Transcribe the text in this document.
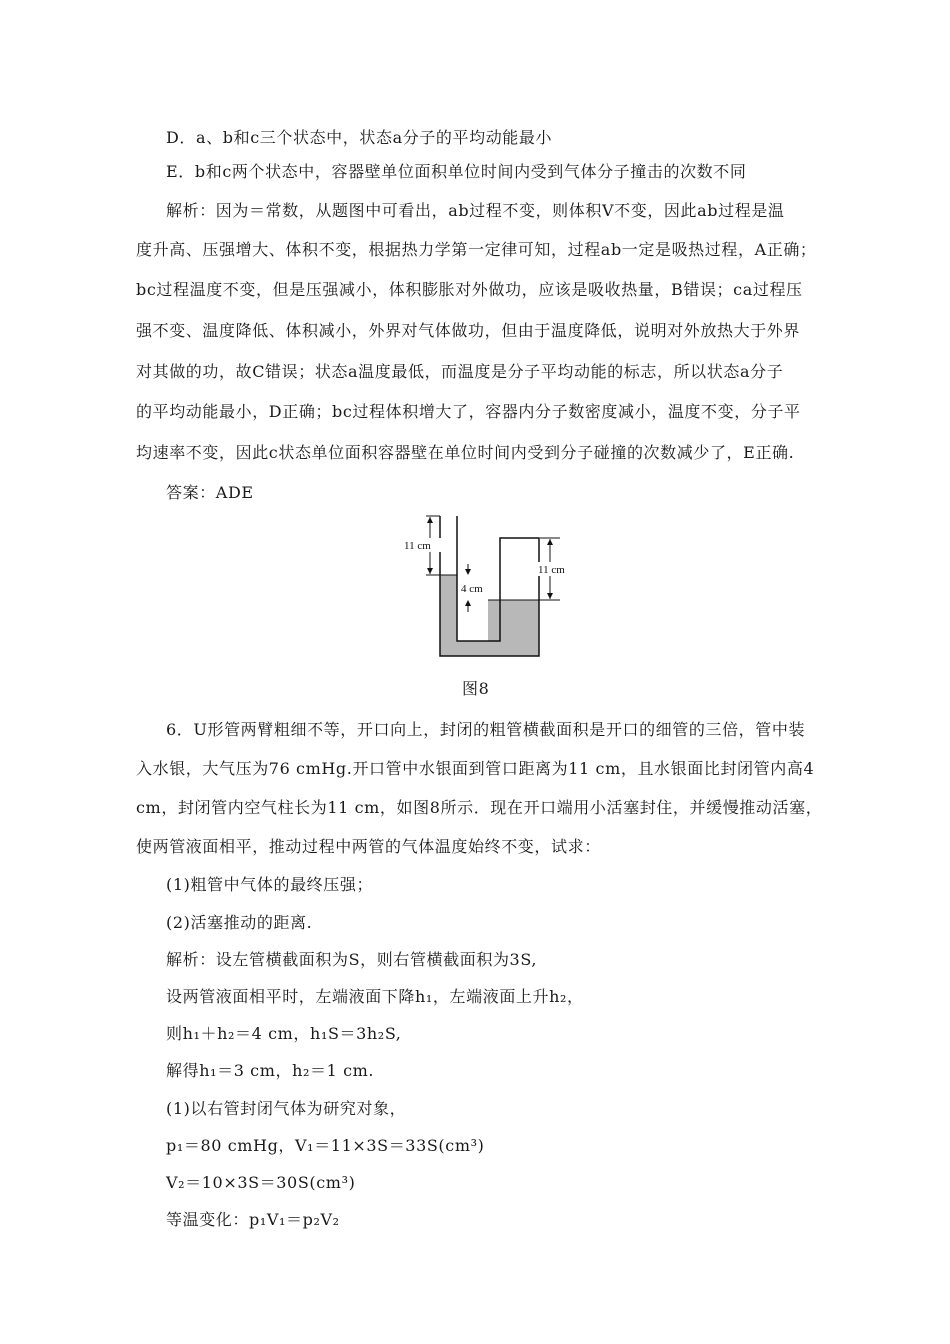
D．a、b和c三个状态中，状态a分子的平均动能最小
E．b和c两个状态中，容器壁单位面积单位时间内受到气体分子撞击的次数不同
解析：因为＝常数，从题图中可看出，ab过程不变，则体积V不变，因此ab过程是温
度升高、压强增大、体积不变，根据热力学第一定律可知，过程ab一定是吸热过程，A正确；
bc过程温度不变，但是压强减小，体积膨胀对外做功，应该是吸收热量，B错误；ca过程压
强不变、温度降低、体积减小，外界对气体做功，但由于温度降低，说明对外放热大于外界
对其做的功，故C错误；状态a温度最低，而温度是分子平均动能的标志，所以状态a分子
的平均动能最小，D正确；bc过程体积增大了，容器内分子数密度减小，温度不变，分子平
均速率不变，因此c状态单位面积容器壁在单位时间内受到分子碰撞的次数减少了，E正确.
答案：ADE
11 cm
4 cm
11 cm
图8
6．U形管两臂粗细不等，开口向上，封闭的粗管横截面积是开口的细管的三倍，管中装
入水银，大气压为76 cmHg.开口管中水银面到管口距离为11 cm，且水银面比封闭管内高4
cm，封闭管内空气柱长为11 cm，如图8所示．现在开口端用小活塞封住，并缓慢推动活塞，
使两管液面相平，推动过程中两管的气体温度始终不变，试求：
(1)粗管中气体的最终压强；
(2)活塞推动的距离.
解析：设左管横截面积为S，则右管横截面积为3S,
设两管液面相平时，左端液面下降h₁，左端液面上升h₂，
则h₁＋h₂＝4 cm，h₁S＝3h₂S,
解得h₁＝3 cm，h₂＝1 cm.
(1)以右管封闭气体为研究对象，
p₁＝80 cmHg，V₁＝11×3S＝33S(cm³)
V₂＝10×3S＝30S(cm³)
等温变化：p₁V₁＝p₂V₂
